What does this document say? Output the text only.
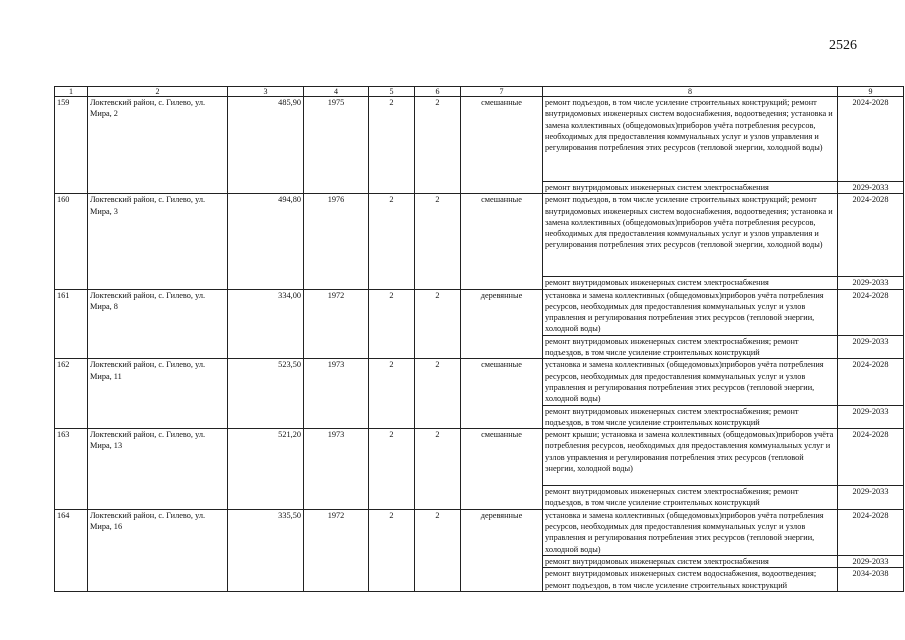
2526
1	2	3	4	5	6	7	8	9
159	Локтевский район, с. Гилево, ул. Мира, 2	485,90	1975	2	2	смешанные	ремонт подъездов, в том числе усиление строительных конструкций; ремонт внутридомовых инженерных систем водоснабжения, водоотведения; установка и замена коллективных (общедомовых)приборов учёта потребления ресурсов, необходимых для предоставления коммунальных услуг и узлов управления и регулирования потребления этих ресурсов (тепловой энергии, холодной воды)	2024-2028
							ремонт внутридомовых инженерных систем электроснабжения	2029-2033
160	Локтевский район, с. Гилево, ул. Мира, 3	494,80	1976	2	2	смешанные	ремонт подъездов, в том числе усиление строительных конструкций; ремонт внутридомовых инженерных систем водоснабжения, водоотведения; установка и замена коллективных (общедомовых)приборов учёта потребления ресурсов, необходимых для предоставления коммунальных услуг и узлов управления и регулирования потребления этих ресурсов (тепловой энергии, холодной воды)	2024-2028
							ремонт внутридомовых инженерных систем электроснабжения	2029-2033
161	Локтевский район, с. Гилево, ул. Мира, 8	334,00	1972	2	2	деревянные	установка и замена коллективных (общедомовых)приборов учёта потребления ресурсов, необходимых для предоставления коммунальных услуг и узлов управления и регулирования потребления этих ресурсов (тепловой энергии, холодной воды)	2024-2028
							ремонт внутридомовых инженерных систем электроснабжения; ремонт подъездов, в том числе усиление строительных конструкций	2029-2033
162	Локтевский район, с. Гилево, ул. Мира, 11	523,50	1973	2	2	смешанные	установка и замена коллективных (общедомовых)приборов учёта потребления ресурсов, необходимых для предоставления коммунальных услуг и узлов управления и регулирования потребления этих ресурсов (тепловой энергии, холодной воды)	2024-2028
							ремонт внутридомовых инженерных систем электроснабжения; ремонт подъездов, в том числе усиление строительных конструкций	2029-2033
163	Локтевский район, с. Гилево, ул. Мира, 13	521,20	1973	2	2	смешанные	ремонт крыши; установка и замена коллективных (общедомовых)приборов учёта потребления ресурсов, необходимых для предоставления коммунальных услуг и узлов управления и регулирования потребления этих ресурсов (тепловой энергии, холодной воды)	2024-2028
							ремонт внутридомовых инженерных систем электроснабжения; ремонт подъездов, в том числе усиление строительных конструкций	2029-2033
164	Локтевский район, с. Гилево, ул. Мира, 16	335,50	1972	2	2	деревянные	установка и замена коллективных (общедомовых)приборов учёта потребления ресурсов, необходимых для предоставления коммунальных услуг и узлов управления и регулирования потребления этих ресурсов (тепловой энергии, холодной воды)	2024-2028
							ремонт внутридомовых инженерных систем электроснабжения	2029-2033
							ремонт внутридомовых инженерных систем водоснабжения, водоотведения; ремонт подъездов, в том числе усиление строительных конструкций	2034-2038
